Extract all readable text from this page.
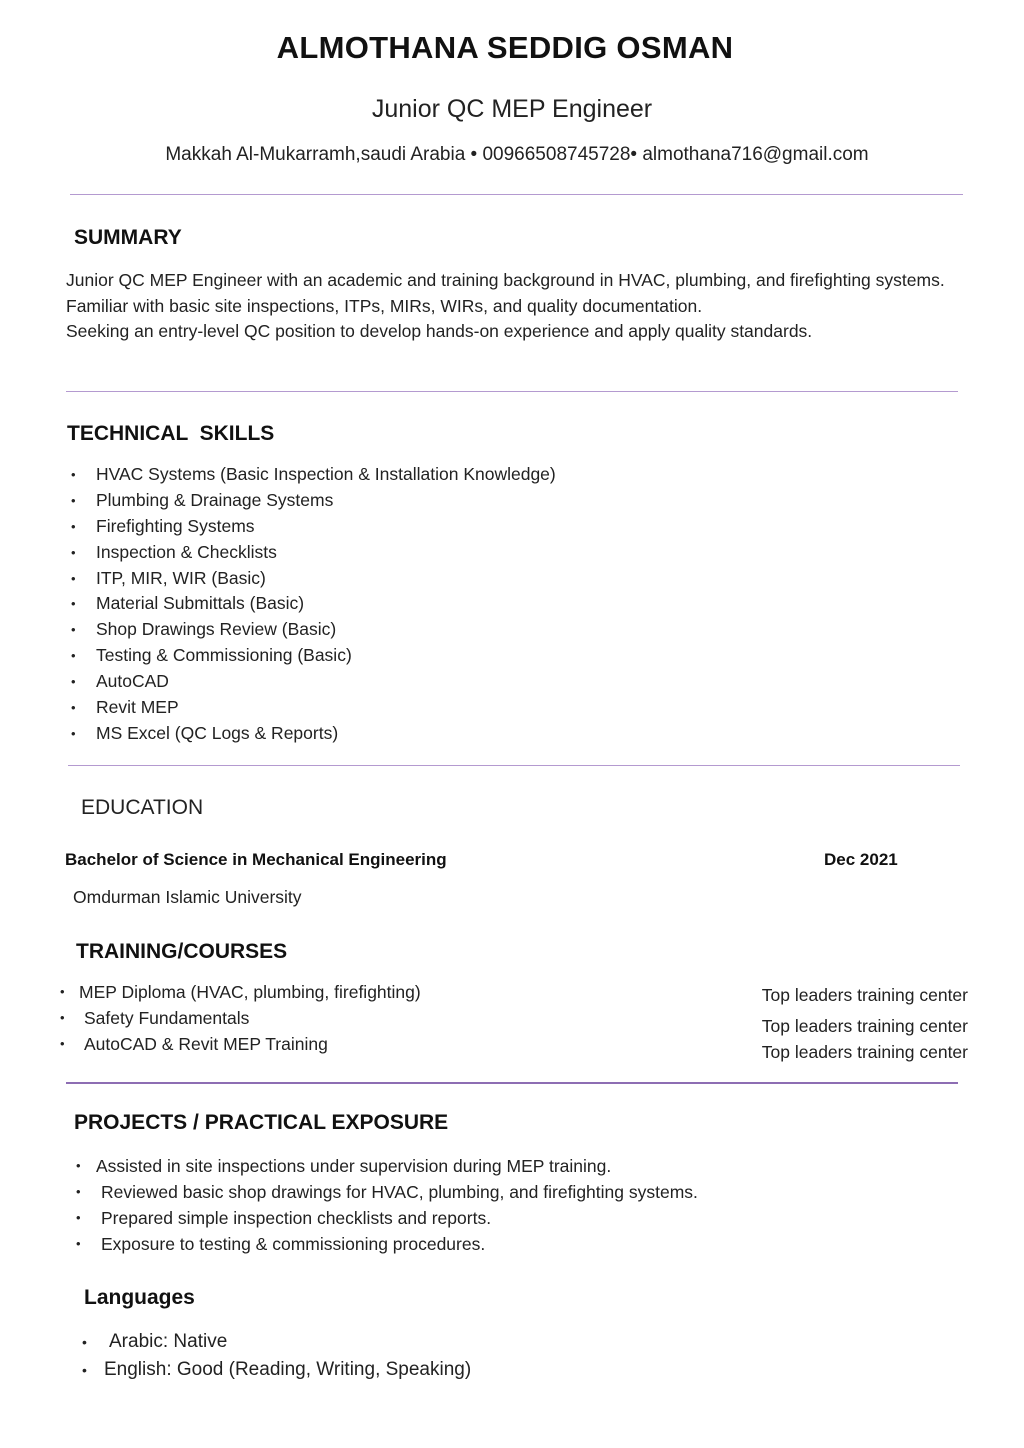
ALMOTHANA SEDDIG OSMAN
Junior QC MEP Engineer
Makkah Al-Mukarramh,saudi Arabia • 00966508745728• almothana716@gmail.com
SUMMARY

Junior QC MEP Engineer with an academic and training background in HVAC, plumbing, and firefighting systems.

Familiar with basic site inspections, ITPs, MIRs, WIRs, and quality documentation.

Seeking an entry-level QC position to develop hands-on experience and apply quality standards.

TECHNICAL  SKILLS
• HVAC Systems (Basic Inspection & Installation Knowledge)
• Plumbing & Drainage Systems
• Firefighting Systems
• Inspection & Checklists
• ITP, MIR, WIR (Basic)
• Material Submittals (Basic)
• Shop Drawings Review (Basic)
• Testing & Commissioning (Basic)
• AutoCAD
• Revit MEP
• MS Excel (QC Logs & Reports)
EDUCATION
Bachelor of Science in Mechanical Engineering	Dec 2021
Omdurman Islamic University
TRAINING/COURSES
• MEP Diploma (HVAC, plumbing, firefighting)
• Safety Fundamentals
• AutoCAD & Revit MEP Training
Top leaders training center
Top leaders training center
Top leaders training center
PROJECTS / PRACTICAL EXPOSURE
• Assisted in site inspections under supervision during MEP training.
• Reviewed basic shop drawings for HVAC, plumbing, and firefighting systems.
• Prepared simple inspection checklists and reports.
• Exposure to testing & commissioning procedures.
Languages
• Arabic: Native
• English: Good (Reading, Writing, Speaking)
